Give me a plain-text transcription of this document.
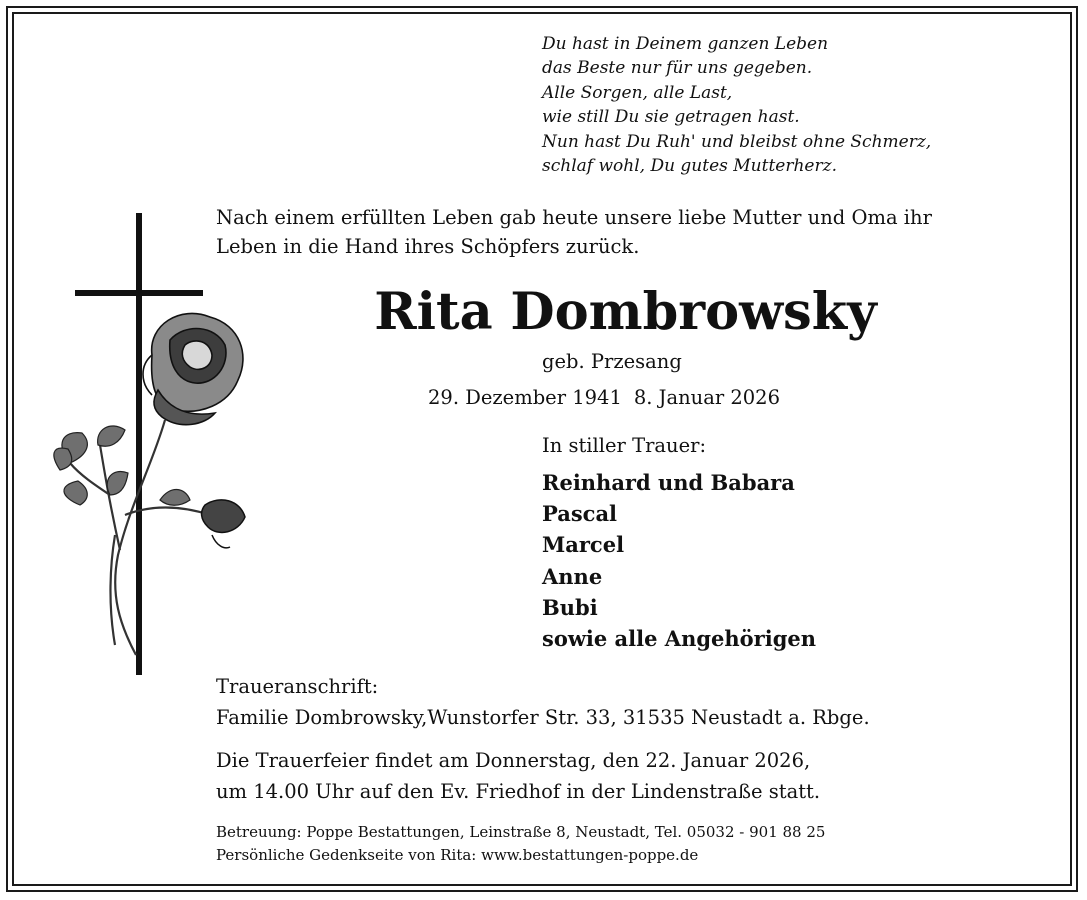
Du hast in Deinem ganzen Leben
das Beste nur für uns gegeben.
Alle Sorgen, alle Last,
wie still Du sie getragen hast.
Nun hast Du Ruh' und bleibst ohne Schmerz,
schlaf wohl, Du gutes Mutterherz.
Nach einem erfüllten Leben gab heute unsere liebe Mutter und Oma ihr
Leben in die Hand ihres Schöpfers zurück.
Rita Dombrowsky
geb. Przesang
29. Dezember 1941 8. Januar 2026
In stiller Trauer:
Reinhard und Babara
Pascal
Marcel
Anne
Bubi
sowie alle Angehörigen
Traueranschrift:
Familie Dombrowsky,Wunstorfer Str. 33, 31535 Neustadt a. Rbge.
Die Trauerfeier findet am Donnerstag, den 22. Januar 2026,
um 14.00 Uhr auf den Ev. Friedhof in der Lindenstraße statt.
Betreuung: Poppe Bestattungen, Leinstraße 8, Neustadt, Tel. 05032 - 901 88 25
Persönliche Gedenkseite von Rita: www.bestattungen-poppe.de
